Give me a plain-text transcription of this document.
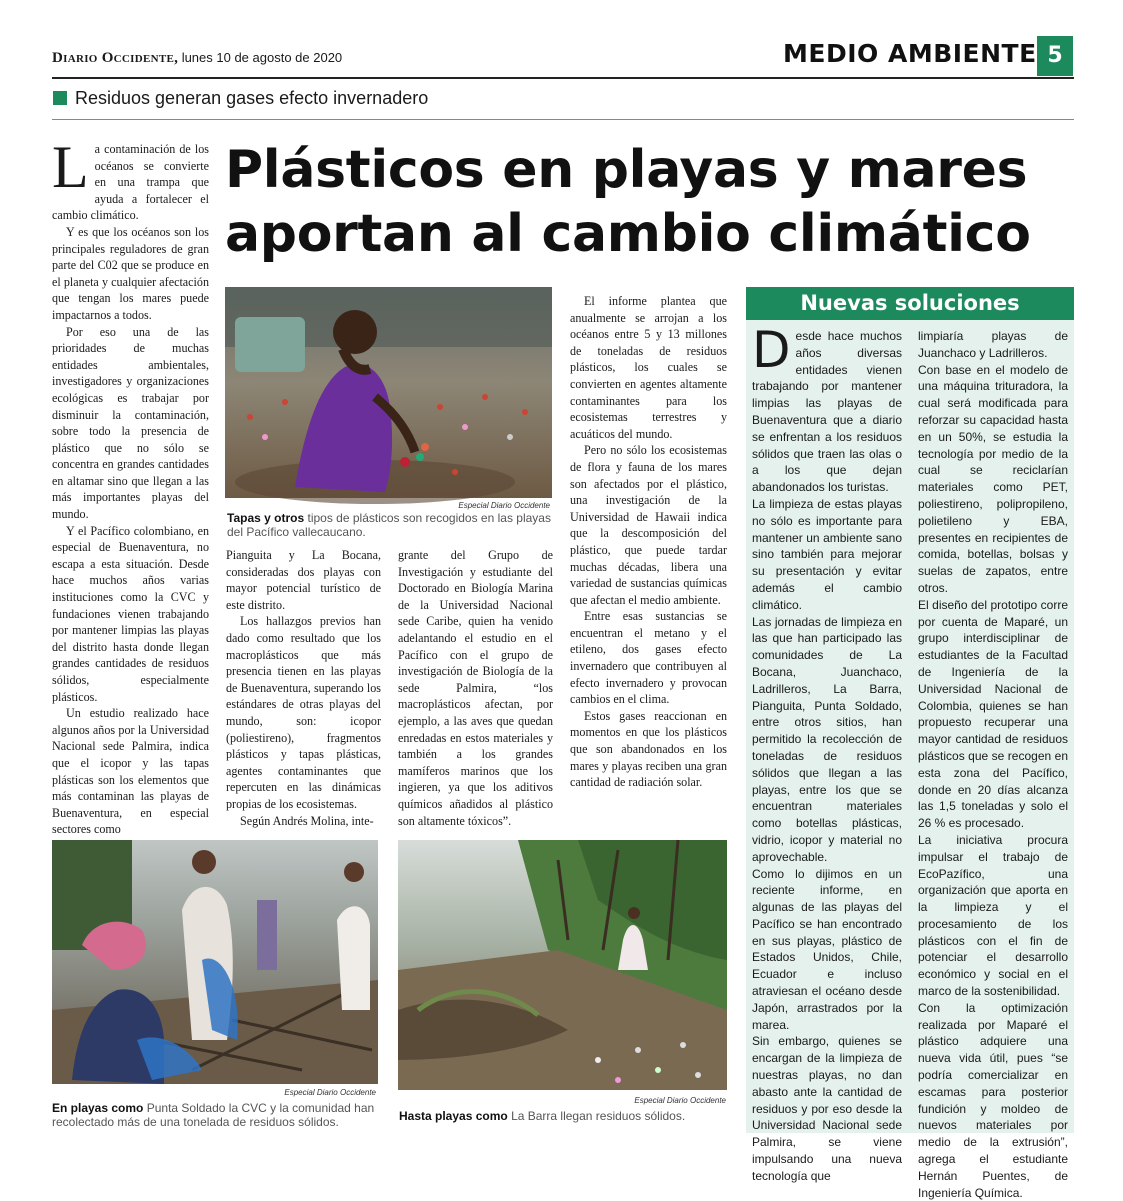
Diario Occidente, lunes 10 de agosto de 2020	MEDIO AMBIENTE 5
Residuos generan gases efecto invernadero
Plásticos en playas y mares aportan al cambio climático

La contaminación de los océanos se convierte en una trampa que ayuda a fortalecer el cambio climático.

Y es que los océanos son los principales reguladores de gran parte del C02 que se produce en el planeta y cualquier afectación que tengan los mares puede impactarnos a todos.

Por eso una de las prioridades de muchas entidades ambientales, investigadores y organizaciones ecológicas es trabajar por disminuir la contaminación, sobre todo la presencia de plástico que no sólo se concentra en grandes cantidades en altamar sino que llegan a las más importantes playas del mundo.

Y el Pacífico colombiano, en especial de Buenaventura, no escapa a esta situación. Desde hace muchos años varias instituciones como la CVC y fundaciones vienen trabajando por mantener limpias las playas del distrito hasta donde llegan grandes cantidades de residuos sólidos, especialmente plásticos.

Un estudio realizado hace algunos años por la Universidad Nacional sede Palmira, indica que el icopor y las tapas plásticas son los elementos que más contaminan las playas de Buenaventura, en especial sectores como

Especial Diario Occidente
Tapas y otros tipos de plásticos son recogidos en las playas del Pacífico vallecaucano.

Pianguita y La Bocana, consideradas dos playas con mayor potencial turístico de este distrito.

Los hallazgos previos han dado como resultado que los macroplásticos que más presencia tienen en las playas de Buenaventura, superando los estándares de otras playas del mundo, son: icopor (poliestireno), fragmentos plásticos y tapas plásticas, agentes contaminantes que repercuten en las dinámicas propias de los ecosistemas.

Según Andrés Molina, inte-

grante del Grupo de Investigación y estudiante del Doctorado en Biología Marina de la Universidad Nacional sede Caribe, quien ha venido adelantando el estudio en el Pacífico con el grupo de investigación de Biología de la sede Palmira, “los macroplásticos afectan, por ejemplo, a las aves que quedan enredadas en estos materiales y también a los grandes mamíferos marinos que los ingieren, ya que los aditivos químicos añadidos al plástico son altamente tóxicos”.

El informe plantea que anualmente se arrojan a los océanos entre 5 y 13 millones de toneladas de residuos plásticos, los cuales se convierten en agentes altamente contaminantes para los ecosistemas terrestres y acuáticos del mundo.

Pero no sólo los ecosistemas de flora y fauna de los mares son afectados por el plástico, una investigación de la Universidad de Hawaii indica que la descomposición del plástico, que puede tardar muchas décadas, libera una variedad de sustancias químicas que afectan el medio ambiente.

Entre esas sustancias se encuentran el metano y el etileno, dos gases efecto invernadero que contribuyen al efecto invernadero y provocan cambios en el clima.

Estos gases reaccionan en momentos en que los plásticos que son abandonados en los mares y playas reciben una gran cantidad de radiación solar.

Especial Diario Occidente
En playas como Punta Soldado la CVC y la comunidad han recolectado más de una tonelada de residuos sólidos.
Especial Diario Occidente
Hasta playas como La Barra llegan residuos sólidos.
Nuevas soluciones

Desde hace muchos años diversas entidades vienen trabajando por mantener limpias las playas de Buenaventura que a diario se enfrentan a los residuos sólidos que traen las olas o a los que dejan abandonados los turistas.

La limpieza de estas playas no sólo es importante para mantener un ambiente sano sino también para mejorar su presentación y evitar además el cambio climático.

Las jornadas de limpieza en las que han participado las comunidades de La Bocana, Juanchaco, Ladrilleros, La Barra, Pianguita, Punta Soldado, entre otros sitios, han permitido la recolección de toneladas de residuos sólidos que llegan a las playas, entre los que se encuentran materiales como botellas plásticas, vidrio, icopor y material no aprovechable.

Como lo dijimos en un reciente informe, en algunas de las playas del Pacífico se han encontrado en sus playas, plástico de Estados Unidos, Chile, Ecuador e incluso atraviesan el océano desde Japón, arrastrados por la marea.

Sin embargo, quienes se encargan de la limpieza de nuestras playas, no dan abasto ante la cantidad de residuos y por eso desde la Universidad Nacional sede Palmira, se viene impulsando una nueva tecnología que

limpiaría playas de Juanchaco y Ladrilleros.

Con base en el modelo de una máquina trituradora, la cual será modificada para reforzar su capacidad hasta en un 50%, se estudia la tecnología por medio de la cual se reciclarían materiales como PET, poliestireno, polipropileno, polietileno y EBA, presentes en recipientes de comida, botellas, bolsas y suelas de zapatos, entre otros.

El diseño del prototipo corre por cuenta de Maparé, un grupo interdisciplinar de estudiantes de la Facultad de Ingeniería de la Universidad Nacional de Colombia, quienes se han propuesto recuperar una mayor cantidad de residuos plásticos que se recogen en esta zona del Pacífico, donde en 20 días alcanza las 1,5 toneladas y solo el 26 % es procesado.

La iniciativa procura impulsar el trabajo de EcoPazífico, una organización que aporta en la limpieza y el procesamiento de los plásticos con el fin de potenciar el desarrollo económico y social en el marco de la sostenibilidad.

Con la optimización realizada por Maparé el plástico adquiere una nueva vida útil, pues “se podría comercializar en escamas para posterior fundición y moldeo de nuevos materiales por medio de la extrusión”, agrega el estudiante Hernán Puentes, de Ingeniería Química.
